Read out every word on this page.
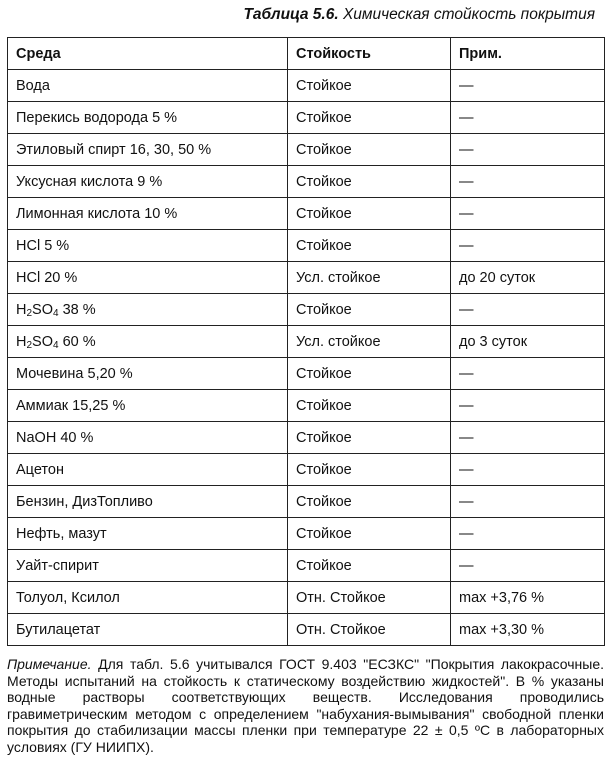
Таблица 5.6. Химическая стойкость покрытия
Среда	Стойкость	Прим.
Вода	Стойкое	—
Перекись водорода 5 %	Стойкое	—
Этиловый спирт 16, 30, 50 %	Стойкое	—
Уксусная кислота 9 %	Стойкое	—
Лимонная кислота 10 %	Стойкое	—
HCl 5 %	Стойкое	—
HCl 20 %	Усл. стойкое	до 20 суток
$H_2SO_4$ 38 %	Стойкое	—
$H_2SO_4$ 60 %	Усл. стойкое	до 3 суток
Мочевина 5,20 %	Стойкое	—
Аммиак 15,25 %	Стойкое	—
NaOH 40 %	Стойкое	—
Ацетон	Стойкое	—
Бензин, ДизТопливо	Стойкое	—
Нефть, мазут	Стойкое	—
Уайт-спирит	Стойкое	—
Толуол, Ксилол	Отн. Стойкое	max +3,76 %
Бутилацетат	Отн. Стойкое	max +3,30 %
Примечание. Для табл. 5.6 учитывался ГОСТ 9.403 "ЕСЗКС" "Покрытия лакокрасочные. Методы испытаний на стойкость к статическому воздействию жидкостей". В % указаны водные растворы соответствующих веществ. Исследования проводились гравиметрическим методом с определением "набухания-вымывания" свободной пленки покрытия до стабилизации массы пленки при температуре 22 ± 0,5 ºС в лабораторных условиях (ГУ НИИПХ).
